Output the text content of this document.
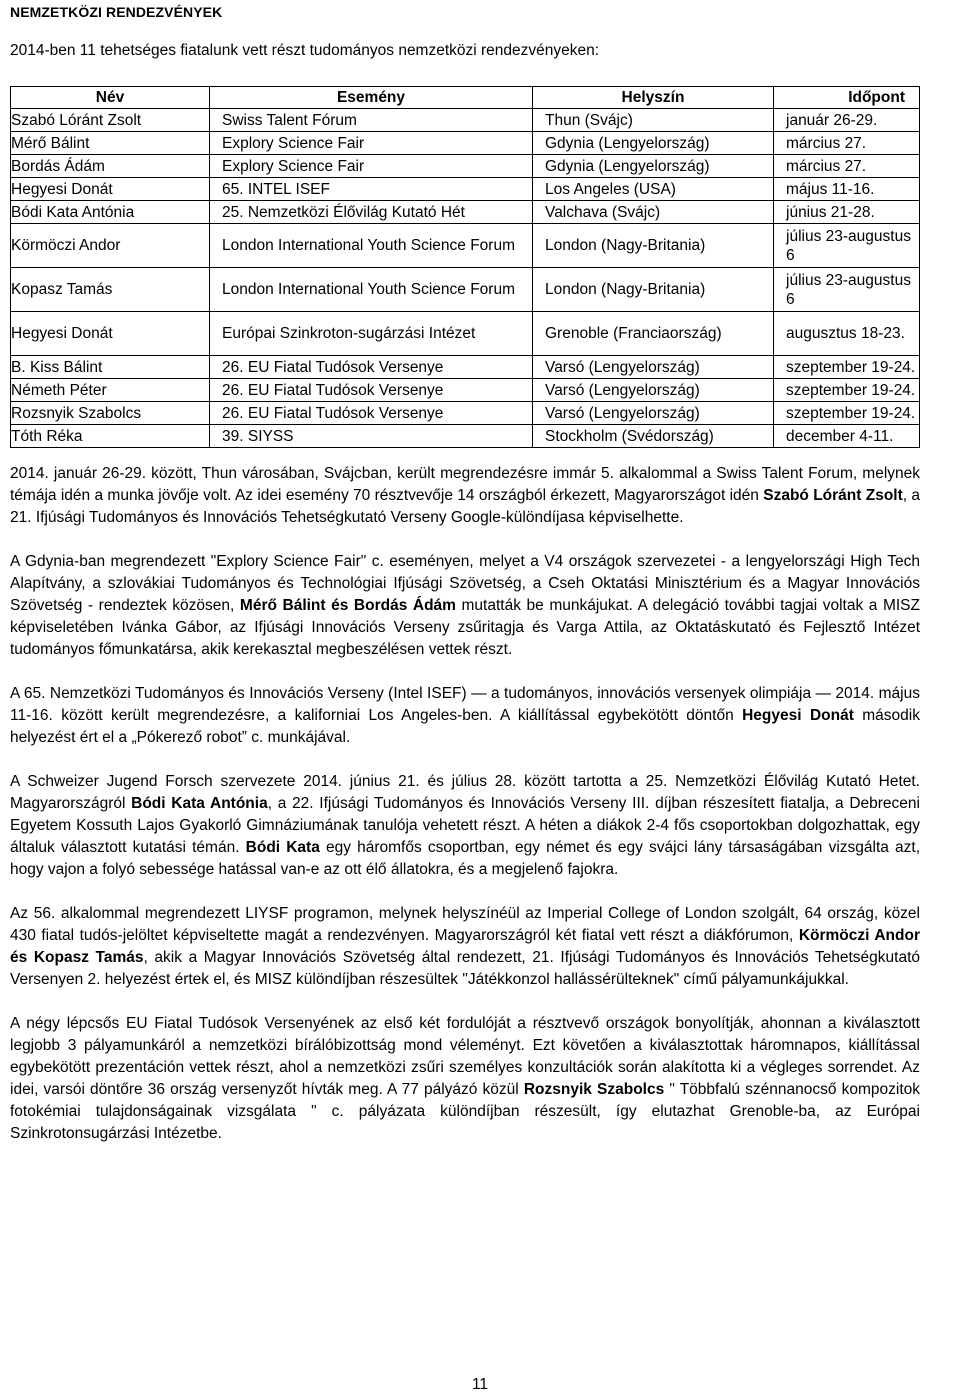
NEMZETKÖZI RENDEZVÉNYEK
2014-ben 11 tehetséges fiatalunk vett részt tudományos nemzetközi rendezvényeken:
Név	Esemény	Helyszín	Időpont
Szabó Lóránt Zsolt	Swiss Talent Fórum	Thun (Svájc)	január 26-29.
Mérő Bálint	Explory Science Fair	Gdynia (Lengyelország)	március 27.
Bordás Ádám	Explory Science Fair	Gdynia (Lengyelország)	március 27.
Hegyesi Donát	65. INTEL ISEF	Los Angeles (USA)	május 11-16.
Bódi Kata Antónia	25. Nemzetközi Élővilág Kutató Hét	Valchava (Svájc)	június 21-28.
Körmöczi Andor	London International Youth Science Forum	London (Nagy-Britania)	július 23-augustus 6
Kopasz Tamás	London International Youth Science Forum	London (Nagy-Britania)	július 23-augustus 6
Hegyesi Donát	Európai Szinkroton-sugárzási Intézet	Grenoble (Franciaország)	augusztus 18-23.
B. Kiss Bálint	26. EU Fiatal Tudósok Versenye	Varsó (Lengyelország)	szeptember 19-24.
Németh Péter	26. EU Fiatal Tudósok Versenye	Varsó (Lengyelország)	szeptember 19-24.
Rozsnyik Szabolcs	26. EU Fiatal Tudósok Versenye	Varsó (Lengyelország)	szeptember 19-24.
Tóth Réka	39. SIYSS	Stockholm (Svédország)	december 4-11.

2014. január 26-29. között, Thun városában, Svájcban, került megrendezésre immár 5. alkalommal a Swiss Talent Forum, melynek témája idén a munka jövője volt. Az idei esemény 70 résztvevője 14 országból érkezett, Magyarországot idén Szabó Lóránt Zsolt, a 21. Ifjúsági Tudományos és Innovációs Tehetségkutató Verseny Google-különdíjasa képviselhette.

A Gdynia-ban megrendezett "Explory Science Fair" c. eseményen, melyet a V4 országok szervezetei - a lengyelországi High Tech Alapítvány, a szlovákiai Tudományos és Technológiai Ifjúsági Szövetség, a Cseh Oktatási Minisztérium és a Magyar Innovációs Szövetség - rendeztek közösen, Mérő Bálint és Bordás Ádám mutatták be munkájukat. A delegáció további tagjai voltak a MISZ képviseletében Ivánka Gábor, az Ifjúsági Innovációs Verseny zsűritagja és Varga Attila, az Oktatáskutató és Fejlesztő Intézet tudományos főmunkatársa, akik kerekasztal megbeszélésen vettek részt.

A 65. Nemzetközi Tudományos és Innovációs Verseny (Intel ISEF) ― a tudományos, innovációs versenyek olimpiája ― 2014. május 11-16. között került megrendezésre, a kaliforniai Los Angeles-ben. A kiállítással egybekötött döntőn Hegyesi Donát második helyezést ért el a „Pókerező robot” c. munkájával.

A Schweizer Jugend Forsch szervezete 2014. június 21. és július 28. között tartotta a 25. Nemzetközi Élővilág Kutató Hetet. Magyarországról Bódi Kata Antónia, a 22. Ifjúsági Tudományos és Innovációs Verseny III. díjban részesített fiatalja, a Debreceni Egyetem Kossuth Lajos Gyakorló Gimnáziumának tanulója vehetett részt. A héten a diákok 2-4 fős csoportokban dolgozhattak, egy általuk választott kutatási témán. Bódi Kata egy háromfős csoportban, egy német és egy svájci lány társaságában vizsgálta azt, hogy vajon a folyó sebessége hatással van-e az ott élő állatokra, és a megjelenő fajokra.

Az 56. alkalommal megrendezett LIYSF programon, melynek helyszínéül az Imperial College of London szolgált, 64 ország, közel 430 fiatal tudós-jelöltet képviseltette magát a rendezvényen. Magyarországról két fiatal vett részt a diákfórumon, Körmöczi Andor és Kopasz Tamás, akik a Magyar Innovációs Szövetség által rendezett, 21. Ifjúsági Tudományos és Innovációs Tehetségkutató Versenyen 2. helyezést értek el, és MISZ különdíjban részesültek "Játékkonzol hallássérülteknek" című pályamunkájukkal.

A négy lépcsős EU Fiatal Tudósok Versenyének az első két fordulóját a résztvevő országok bonyolítják, ahonnan a kiválasztott legjobb 3 pályamunkáról a nemzetközi bírálóbizottság mond véleményt. Ezt követően a kiválasztottak háromnapos, kiállítással egybekötött prezentáción vettek részt, ahol a nemzetközi zsűri személyes konzultációk során alakította ki a végleges sorrendet. Az idei, varsói döntőre 36 ország versenyzőt hívták meg. A 77 pályázó közül Rozsnyik Szabolcs " Többfalú szénnanocső kompozitok fotokémiai tulajdonságainak vizsgálata " c. pályázata különdíjban részesült, így elutazhat Grenoble-ba, az Európai Szinkrotonsugárzási Intézetbe.

11
